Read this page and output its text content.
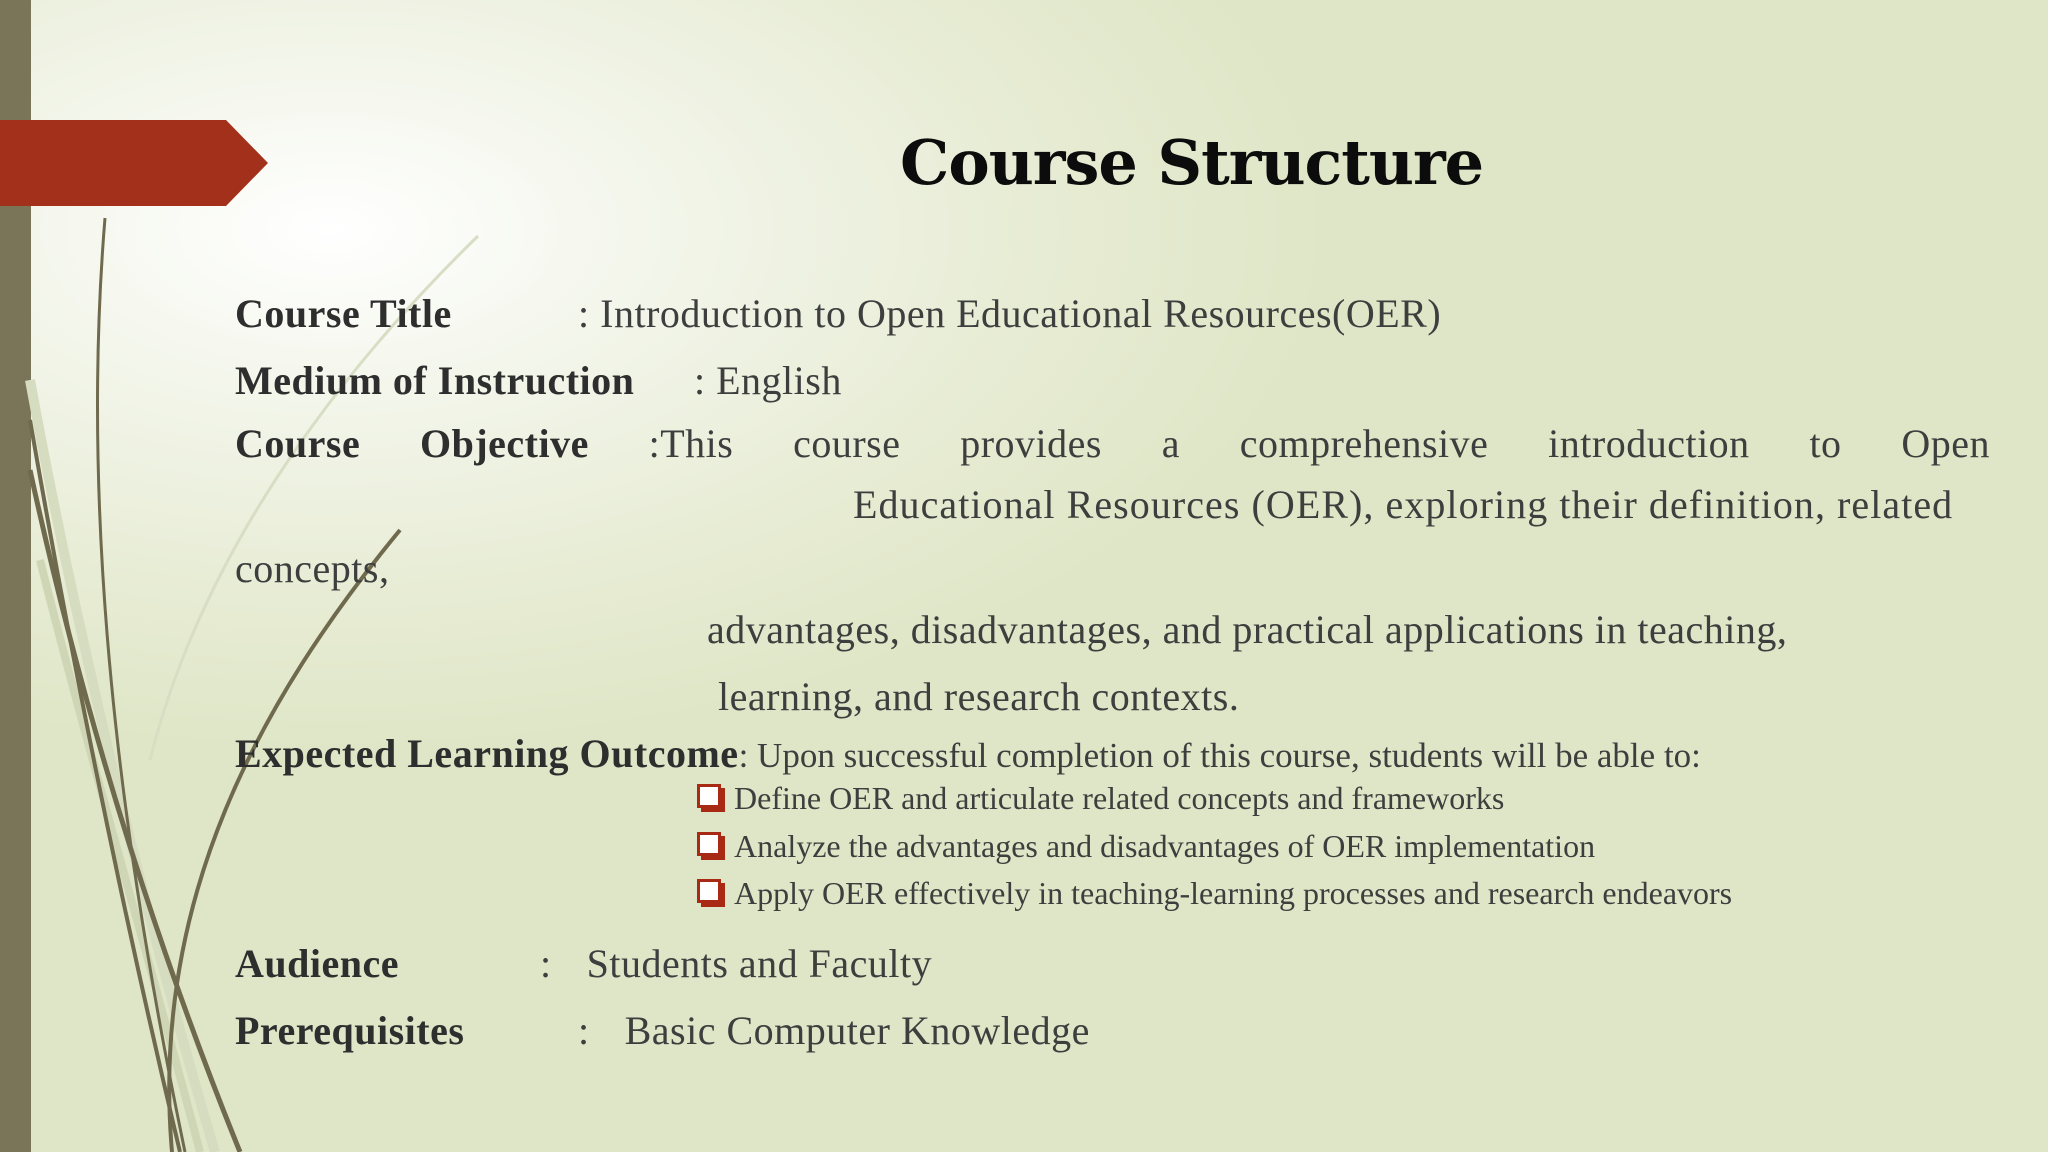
Course Structure
Course Title	: Introduction to Open Educational Resources(OER)
Medium of Instruction : English
Course Objective :This course provides a comprehensive introduction to Open
Educational Resources (OER), exploring their definition, related
concepts,
advantages, disadvantages, and practical applications in teaching,
learning, and research contexts.
Expected Learning Outcome: Upon successful completion of this course, students will be able to:
Define OER and articulate related concepts and frameworks
Analyze the advantages and disadvantages of OER implementation
Apply OER effectively in teaching-learning processes and research endeavors
Audience	: Students and Faculty
Prerequisites	: Basic Computer Knowledge
